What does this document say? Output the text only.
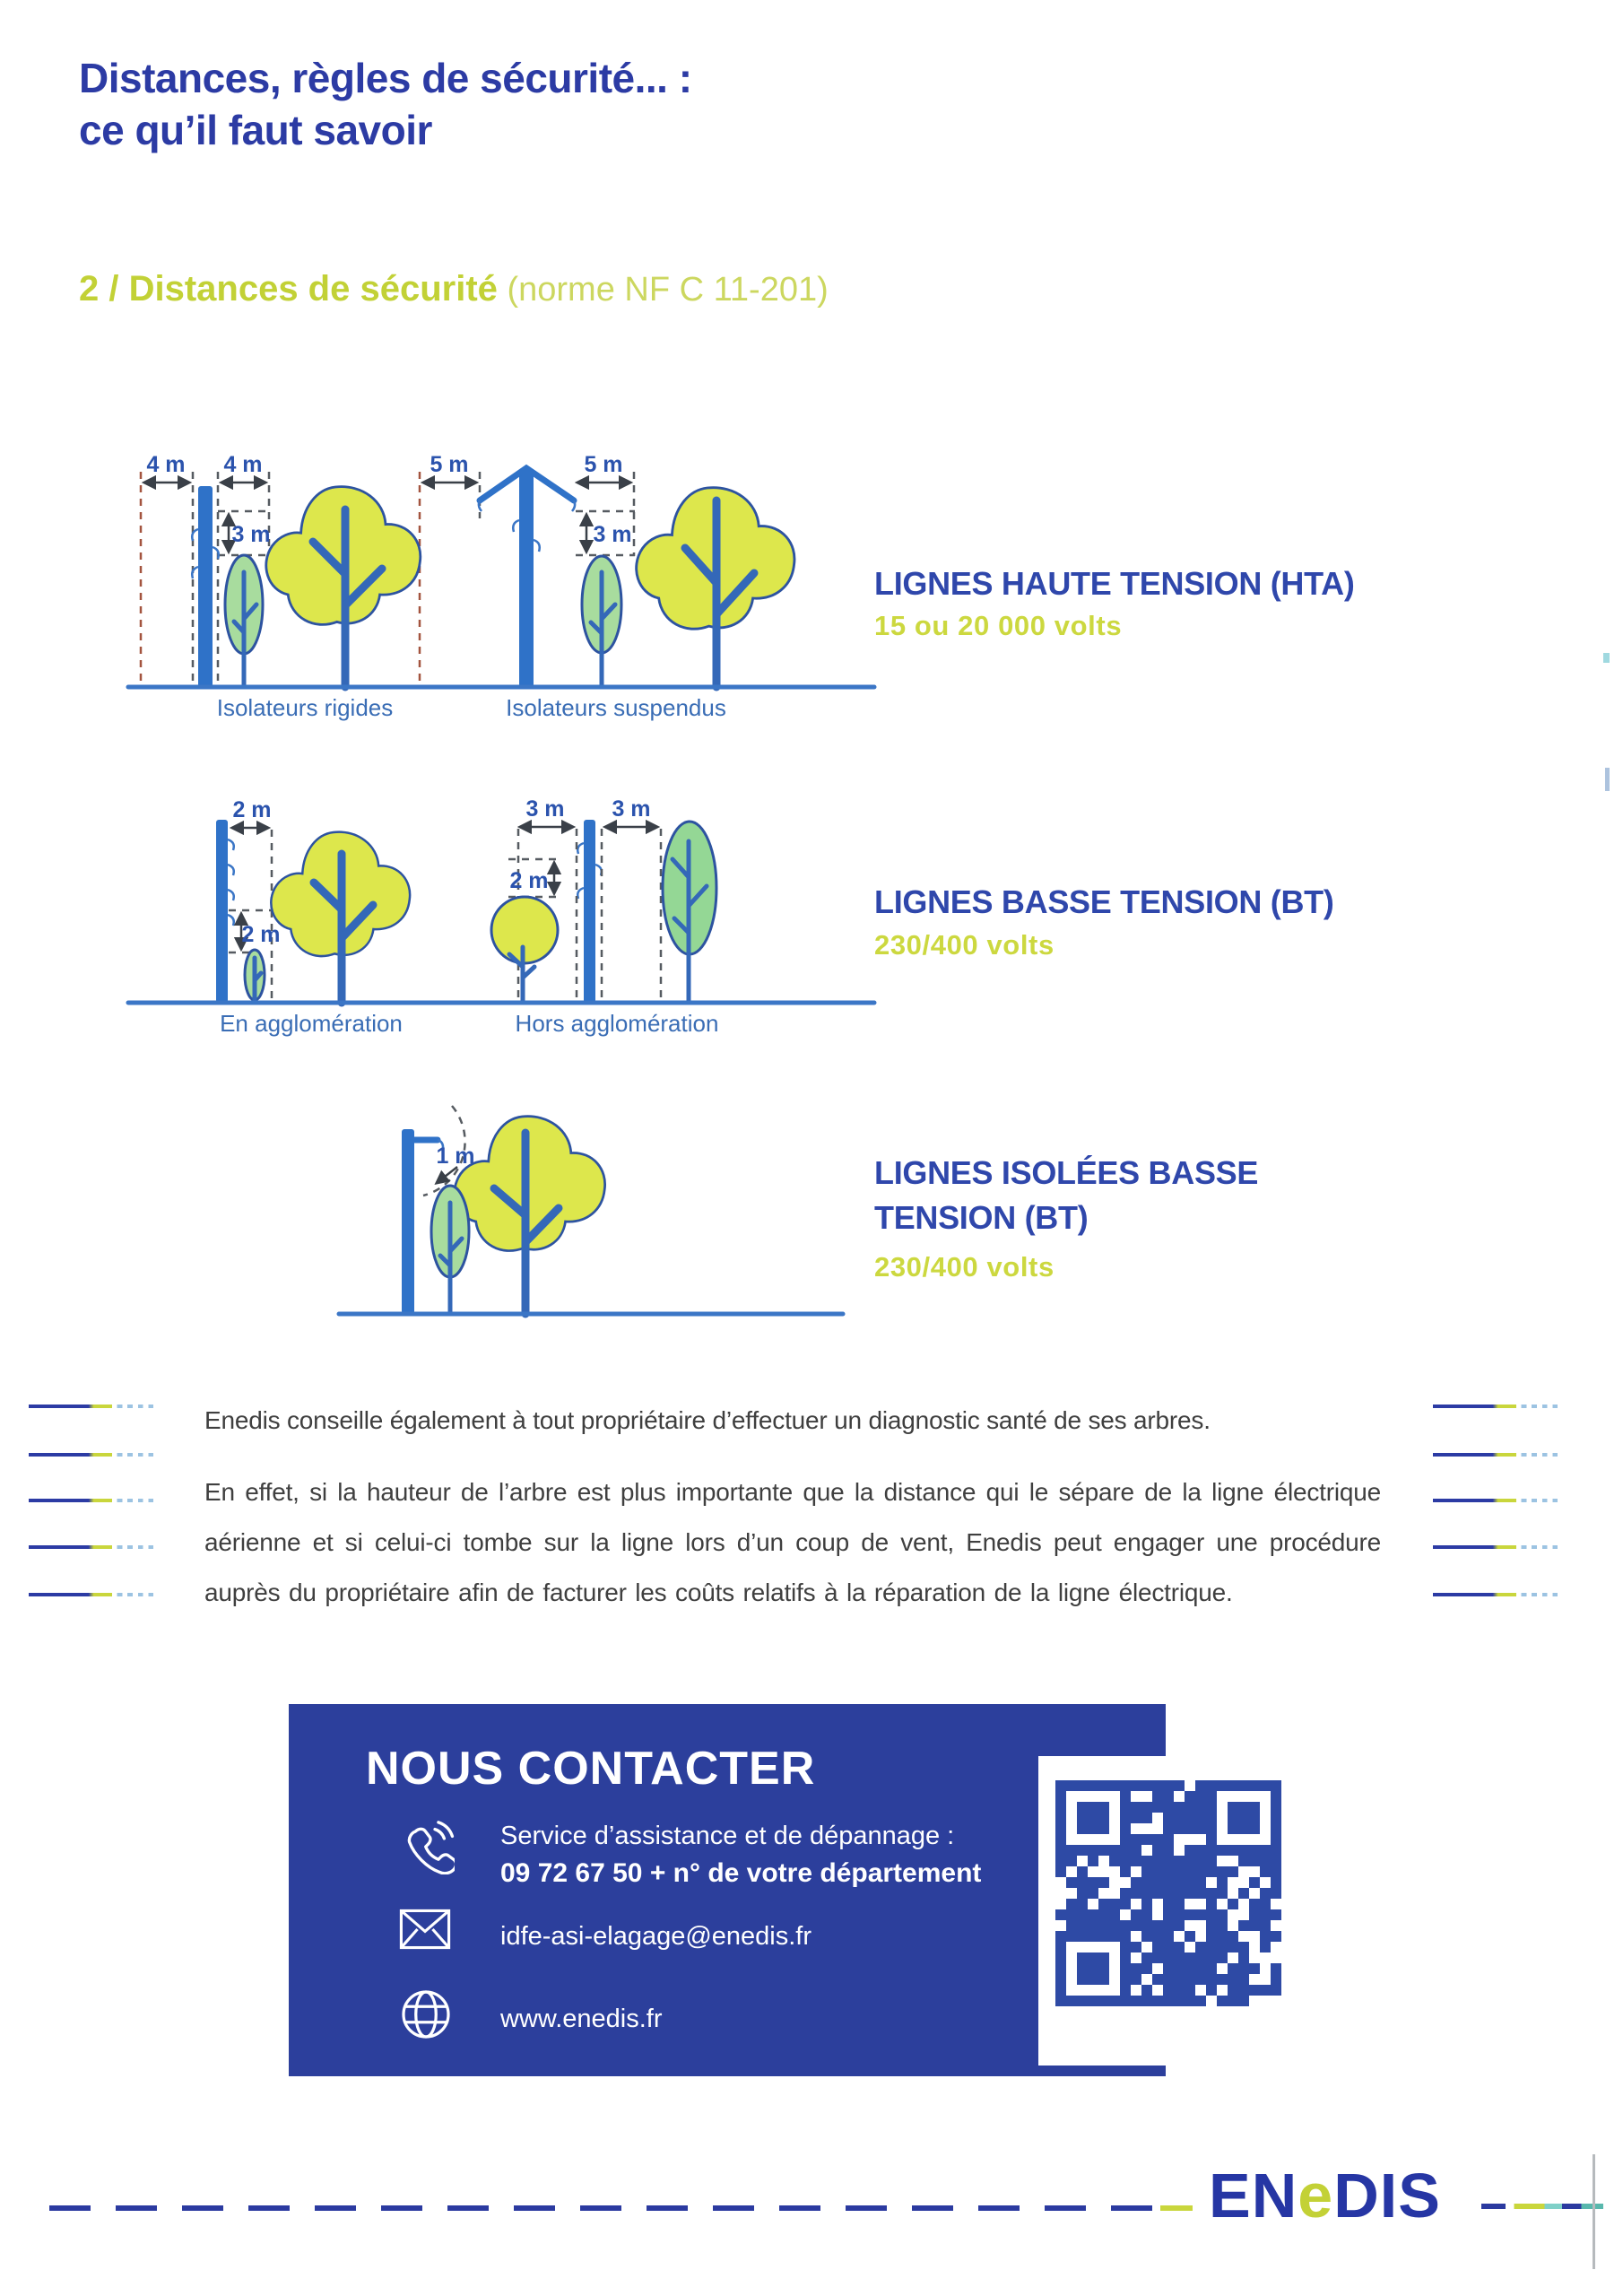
Distances, règles de sécurité... :
ce qu’il faut savoir
2 / Distances de sécurité (norme NF C 11-201)
4 m 4 m
3 m
5 m	5 m
3 m
Isolateurs rigides	Isolateurs suspendus
LIGNES HAUTE TENSION (HTA)
15 ou 20 000 volts
2 m
2 m
3 m
2 m
3 m
En agglomération	Hors agglomération
LIGNES BASSE TENSION (BT)
230/400 volts
1 m	LIGNES ISOLÉES BASSE
TENSION (BT)
230/400 volts

Enedis conseille également à tout propriétaire d’effectuer un diagnostic santé de ses arbres.

En effet, si la hauteur de l’arbre est plus importante que la distance qui le sépare de la ligne électrique aérienne et si celui-ci tombe sur la ligne lors d’un coup de vent, Enedis peut engager une procédure auprès du propriétaire afin de facturer les coûts relatifs à la réparation de la ligne électrique.

NOUS CONTACTER
Service d’assistance et de dépannage :
09 72 67 50 + n° de votre département
idfe-asi-elagage@enedis.fr
www.enedis.fr
ENeDIS
